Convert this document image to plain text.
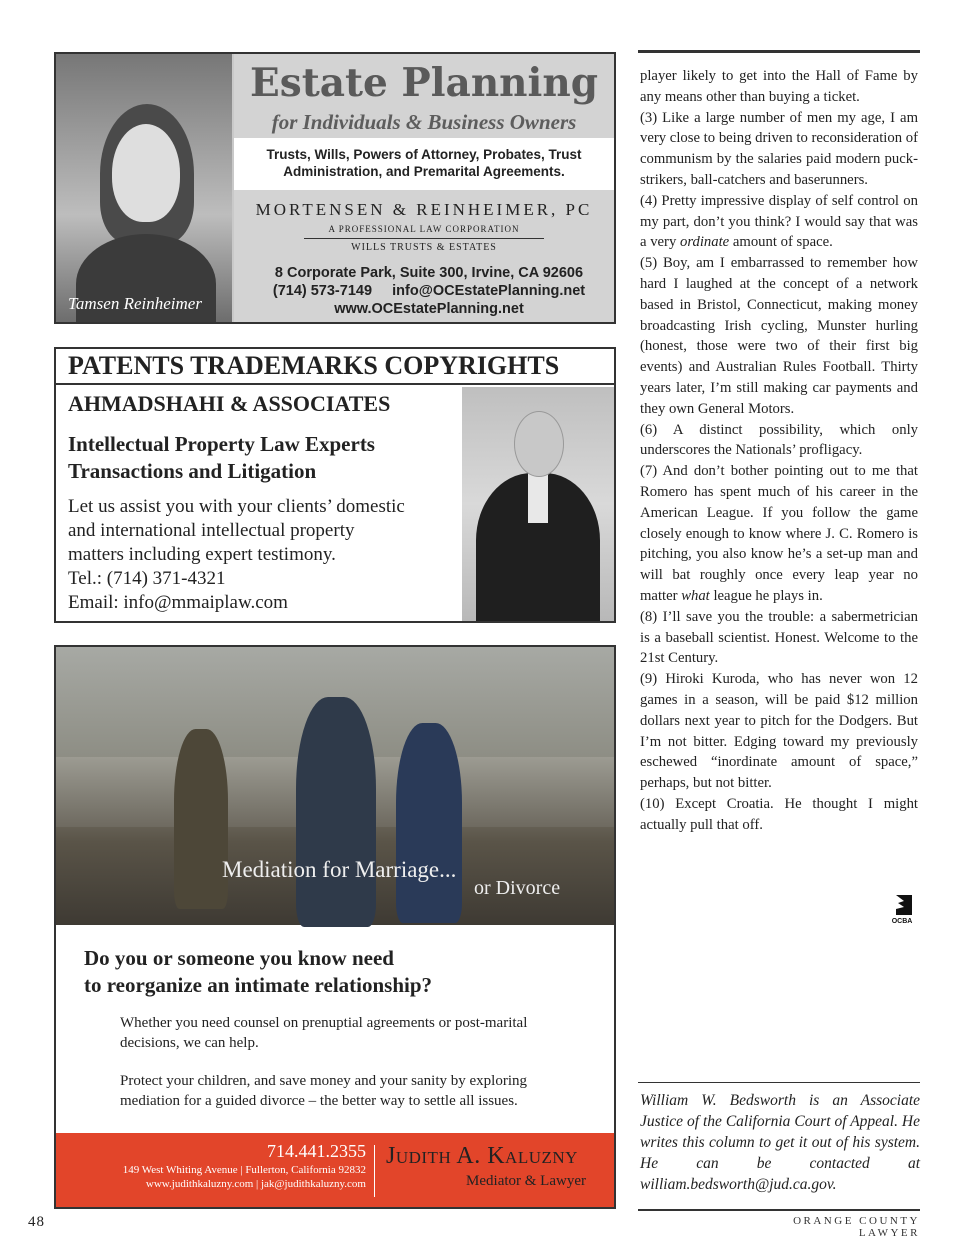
Tamsen Reinheimer
Estate Planning
for Individuals & Business Owners
Trusts, Wills, Powers of Attorney, Probates, Trust Administration, and Premarital Agreements.
MORTENSEN & REINHEIMER, PC
A PROFESSIONAL LAW CORPORATION
WILLS TRUSTS & ESTATES
8 Corporate Park, Suite 300, Irvine, CA 92606
(714) 573-7149     info@OCEstatePlanning.net
www.OCEstatePlanning.net
PATENTS TRADEMARKS COPYRIGHTS
AHMADSHAHI & ASSOCIATES
Intellectual Property Law Experts
Transactions and Litigation
Let us assist you with your clients’ domestic
and international intellectual property
matters including expert testimony.
Tel.: (714) 371-4321
Email: info@mmaiplaw.com
Mediation for Marriage...
or Divorce
Do you or someone you know need
to reorganize an intimate relationship?
Whether you need counsel on prenuptial agreements or post-marital decisions, we can help.
Protect your children, and save money and your sanity by exploring mediation for a guided divorce – the better way to settle all issues.
714.441.2355
149 West Whiting Avenue | Fullerton, California 92832
www.judithkaluzny.com | jak@judithkaluzny.com
Judith A. Kaluzny
Mediator & Lawyer

player likely to get into the Hall of Fame by any means other than buying a ticket.

(3) Like a large number of men my age, I am very close to being driven to reconsideration of communism by the salaries paid modern puck-strikers, ball-catchers and baserunners.

(4) Pretty impressive display of self control on my part, don’t you think? I would say that was a very ordinate amount of space.

(5) Boy, am I embarrassed to remember how hard I laughed at the concept of a network based in Bristol, Connecticut, making money broadcasting Irish cycling, Munster hurling (honest, those were two of their first big events) and Australian Rules Football. Thirty years later, I’m still making car payments and they own General Motors.

(6) A distinct possibility, which only underscores the Nationals’ profligacy.

(7) And don’t bother pointing out to me that Romero has spent much of his career in the American League. If you follow the game closely enough to know where J. C. Romero is pitching, you also know he’s a set-up man and will bat roughly once every leap year no matter what league he plays in.

(8) I’ll save you the trouble: a sabermetrician is a baseball scientist. Honest. Welcome to the 21st Century.

(9) Hiroki Kuroda, who has never won 12 games in a season, will be paid $12 million dollars next year to pitch for the Dodgers. But I’m not bitter. Edging toward my previously eschewed “inordinate amount of space,” perhaps, but not bitter.

(10) Except Croatia. He thought I might actually pull that off.

OCBA
William W. Bedsworth is an Associate Justice of the California Court of Appeal. He writes this column to get it out of his system. He can be contacted at william.bedsworth@jud.ca.gov.
48	ORANGE COUNTY LAWYER
